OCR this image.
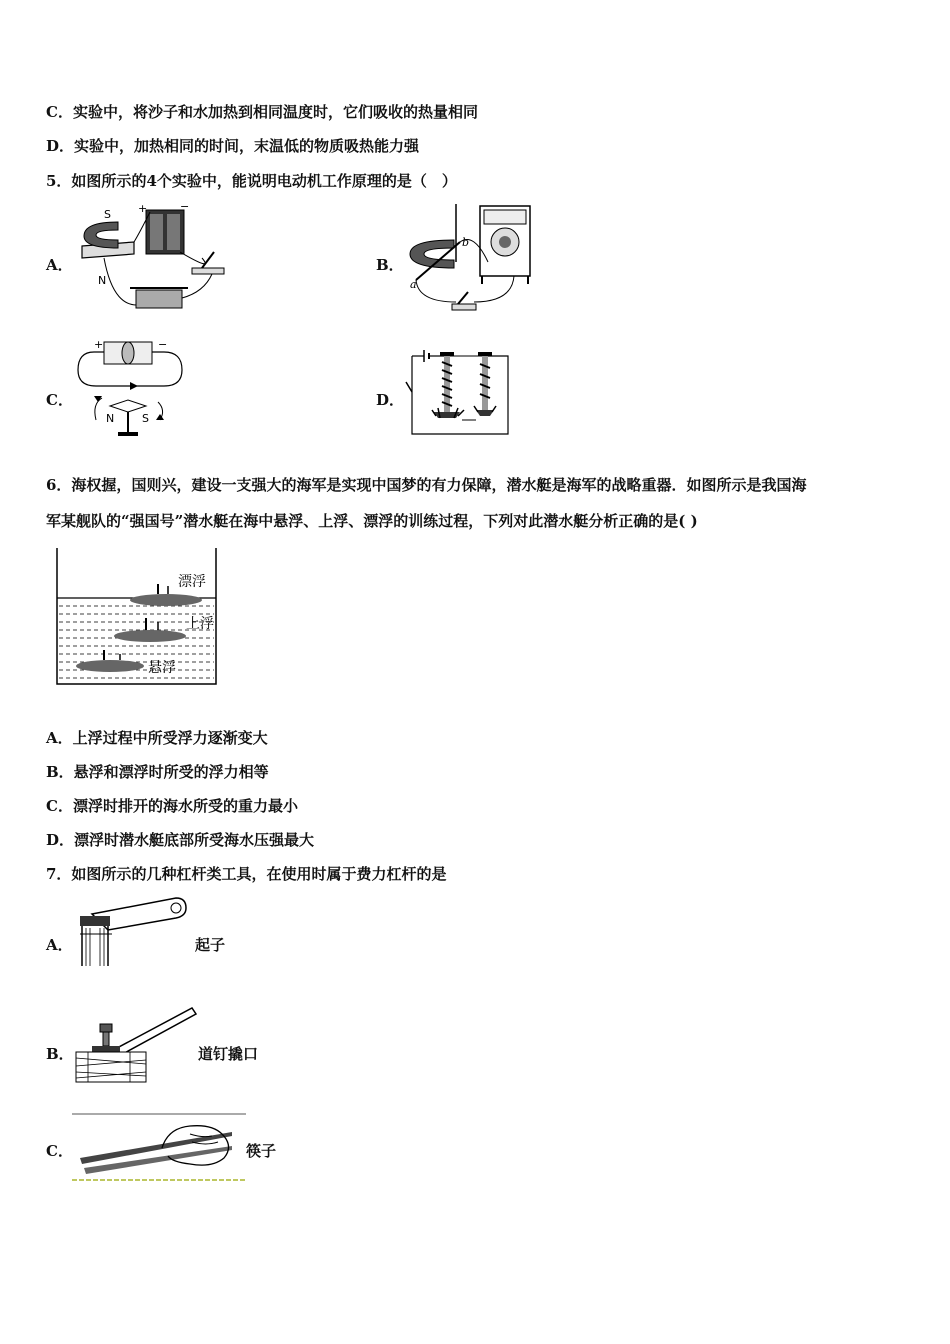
C．实验中，将沙子和水加热到相同温度时，它们吸收的热量相同
D．实验中，加热相同的时间，末温低的物质吸热能力强
5．如图所示的4个实验中，能说明电动机工作原理的是（　）
A．
S
N
+	−
B．
a
b
C．
+	−
N	S
D．
6．海权握，国则兴，建设一支强大的海军是实现中国梦的有力保障，潜水艇是海军的战略重器．如图所示是我国海
军某舰队的“强国号”潜水艇在海中悬浮、上浮、漂浮的训练过程，下列对此潜水艇分析正确的是( )
漂浮
上浮
悬浮
A．上浮过程中所受浮力逐渐变大
B．悬浮和漂浮时所受的浮力相等
C．漂浮时排开的海水所受的重力最小
D．漂浮时潜水艇底部所受海水压强最大
7．如图所示的几种杠杆类工具，在使用时属于费力杠杆的是
A．	起子
B．	道钉撬口
C．	筷子
